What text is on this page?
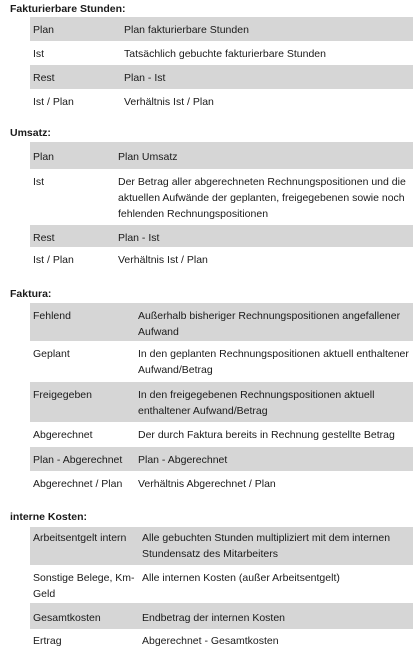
Fakturierbare Stunden:
Plan	Plan fakturierbare Stunden
Ist	Tatsächlich gebuchte fakturierbare Stunden
Rest	Plan - Ist
Ist / Plan	Verhältnis Ist / Plan
Umsatz:
Plan	Plan Umsatz
Ist	Der Betrag aller abgerechneten Rechnungspositionen und die aktuellen Aufwände der geplanten, freigegebenen sowie noch fehlenden Rechnungspositionen
Rest	Plan - Ist
Ist / Plan	Verhältnis Ist / Plan
Faktura:
Fehlend	Außerhalb bisheriger Rechnungspositionen angefallener Aufwand
Geplant	In den geplanten Rechnungspositionen aktuell enthaltener Aufwand/Betrag
Freigegeben	In den freigegebenen Rechnungspositionen aktuell enthaltener Aufwand/Betrag
Abgerechnet	Der durch Faktura bereits in Rechnung gestellte Betrag
Plan - Abgerechnet	Plan - Abgerechnet
Abgerechnet / Plan	Verhältnis Abgerechnet / Plan
interne Kosten:
Arbeitsentgelt intern	Alle gebuchten Stunden multipliziert mit dem internen Stundensatz des Mitarbeiters
Sonstige Belege, Km-Geld	Alle internen Kosten (außer Arbeitsentgelt)
Gesamtkosten	Endbetrag der internen Kosten
Ertrag	Abgerechnet - Gesamtkosten
